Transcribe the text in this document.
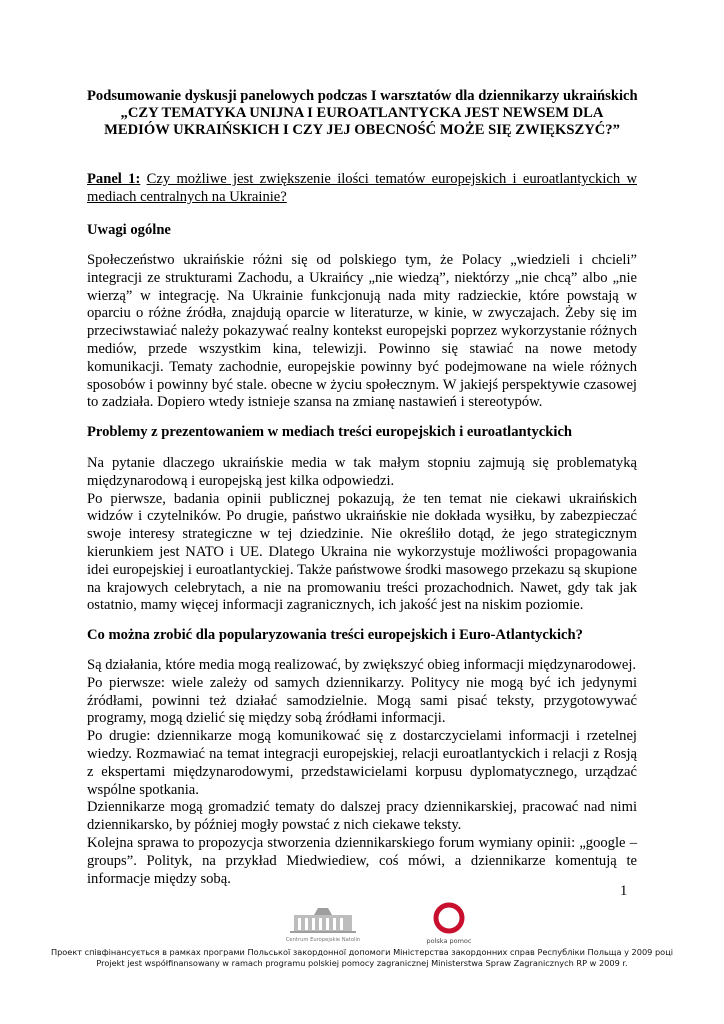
Podsumowanie dyskusji panelowych podczas I warsztatów dla dziennikarzy ukraińskich
„CZY TEMATYKA UNIJNA I EUROATLANTYCKA JEST NEWSEM DLA
MEDIÓW UKRAIŃSKICH I CZY JEJ OBECNOŚĆ MOŻE SIĘ ZWIĘKSZYĆ?”
Panel 1: Czy możliwe jest zwiększenie ilości tematów europejskich i euroatlantyckich w mediach centralnych na Ukrainie?
Uwagi ogólne

Społeczeństwo ukraińskie różni się od polskiego tym, że Polacy „wiedzieli i chcieli” integracji ze strukturami Zachodu, a Ukraińcy „nie wiedzą”, niektórzy „nie chcą” albo „nie wierzą” w integrację. Na Ukrainie funkcjonują nada mity radzieckie, które powstają w oparciu o różne źródła, znajdują oparcie w literaturze, w kinie, w zwyczajach. Żeby się im przeciwstawiać należy pokazywać realny kontekst europejski poprzez wykorzystanie różnych mediów, przede wszystkim kina, telewizji. Powinno się stawiać na nowe metody komunikacji. Tematy zachodnie, europejskie powinny być podejmowane na wiele różnych sposobów i powinny być stale. obecne w życiu społecznym. W jakiejś perspektywie czasowej to zadziała. Dopiero wtedy istnieje szansa na zmianę nastawień i stereotypów.

Problemy z prezentowaniem w mediach treści europejskich i euroatlantyckich

Na pytanie dlaczego ukraińskie media w tak małym stopniu zajmują się problematyką międzynarodową i europejską jest kilka odpowiedzi.

Po pierwsze, badania opinii publicznej pokazują, że ten temat nie ciekawi ukraińskich widzów i czytelników. Po drugie, państwo ukraińskie nie dokłada wysiłku, by zabezpieczać swoje interesy strategiczne w tej dziedzinie. Nie określiło dotąd, że jego strategicznym kierunkiem jest NATO i UE. Dlatego Ukraina nie wykorzystuje możliwości propagowania idei europejskiej i euroatlantyckiej. Także państwowe środki masowego przekazu są skupione na krajowych celebrytach, a nie na promowaniu treści prozachodnich. Nawet, gdy tak jak ostatnio, mamy więcej informacji zagranicznych, ich jakość jest na niskim poziomie.

Co można zrobić dla popularyzowania treści europejskich i Euro-Atlantyckich?

Są działania, które media mogą realizować, by zwiększyć obieg informacji międzynarodowej.

Po pierwsze: wiele zależy od samych dziennikarzy. Politycy nie mogą być ich jedynymi źródłami, powinni też działać samodzielnie. Mogą sami pisać teksty, przygotowywać programy, mogą dzielić się między sobą źródłami informacji.

Po drugie: dziennikarze mogą komunikować się z dostarczycielami informacji i rzetelnej wiedzy. Rozmawiać na temat integracji europejskiej, relacji euroatlantyckich i relacji z Rosją z ekspertami międzynarodowymi, przedstawicielami korpusu dyplomatycznego, urządzać wspólne spotkania.

Dziennikarze mogą gromadzić tematy do dalszej pracy dziennikarskiej, pracować nad nimi dziennikarsko, by później mogły powstać z nich ciekawe teksty.

Kolejna sprawa to propozycja stworzenia dziennikarskiego forum wymiany opinii: „google – groups”. Polityk, na przykład Miedwiediew, coś mówi, a dziennikarze komentują te informacje między sobą.

1
Centrum Europejskie Natolin	polska pomoc
Проект співфінансується в рамках програми Польської закордонної допомоги Міністерства закордонних справ Республіки Польща у 2009 році
Projekt jest współfinansowany w ramach programu polskiej pomocy zagranicznej Ministerstwa Spraw Zagranicznych RP w 2009 r.
